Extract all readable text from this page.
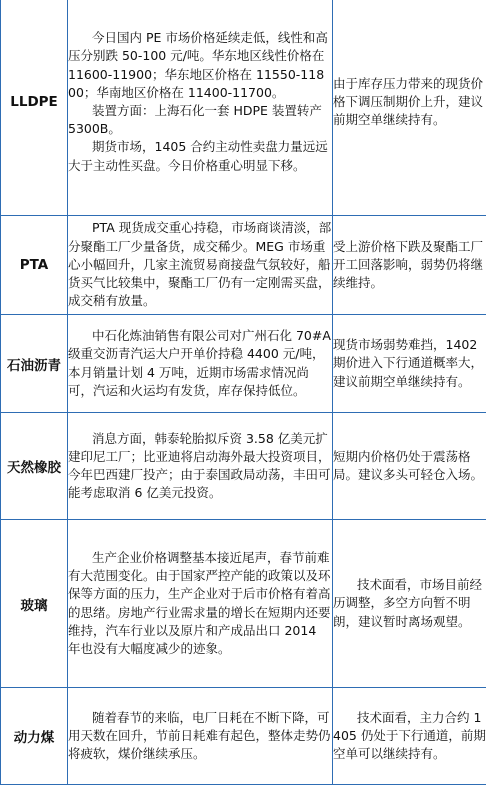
LLDPE	今日国内 PE 市场价格延续走低，线性和高压分别跌 50-100 元/吨。华东地区线性价格在 11600-11900；华东地区价格在 11550-11800；华南地区价格在 11400-11700。

装置方面：上海石化一套 HDPE 装置转产 5300B。

期货市场，1405 合约主动性卖盘力量远远大于主动性买盘。今日价格重心明显下移。	由于库存压力带来的现货价格下调压制期价上升，建议前期空单继续持有。

PTA	PTA 现货成交重心持稳，市场商谈清淡，部分聚酯工厂少量备货，成交稀少。MEG 市场重心小幅回升，几家主流贸易商接盘气氛较好，船货买气比较集中，聚酯工厂仍有一定刚需买盘，成交稍有放量。	受上游价格下跌及聚酯工厂开工回落影响，弱势仍将继续维持。

石油沥青	中石化炼油销售有限公司对广州石化 70#A 级重交沥青汽运大户开单价持稳 4400 元/吨，本月销量计划 4 万吨，近期市场需求情况尚可，汽运和火运均有发货，库存保持低位。	现货市场弱势难挡，1402 期价进入下行通道概率大，建议前期空单继续持有。

天然橡胶	消息方面，韩泰轮胎拟斥资 3.58 亿美元扩建印尼工厂；比亚迪将启动海外最大投资项目，今年巴西建厂投产；由于泰国政局动荡，丰田可能考虑取消 6 亿美元投资。	短期内价格仍处于震荡格局。建议多头可轻仓入场。

玻璃	生产企业价格调整基本接近尾声，春节前难有大范围变化。由于国家严控产能的政策以及环保等方面的压力，生产企业对于后市价格有着高的思绪。房地产行业需求量的增长在短期内还要维持，汽车行业以及原片和产成品出口 2014 年也没有大幅度减少的迹象。	技术面看，市场目前经历调整，多空方向暂不明朗，建议暂时离场观望。

动力煤	随着春节的来临，电厂日耗在不断下降，可用天数在回升，节前日耗难有起色，整体走势仍将疲软，煤价继续承压。	技术面看，主力合约 1405 仍处于下行通道，前期空单可以继续持有。
